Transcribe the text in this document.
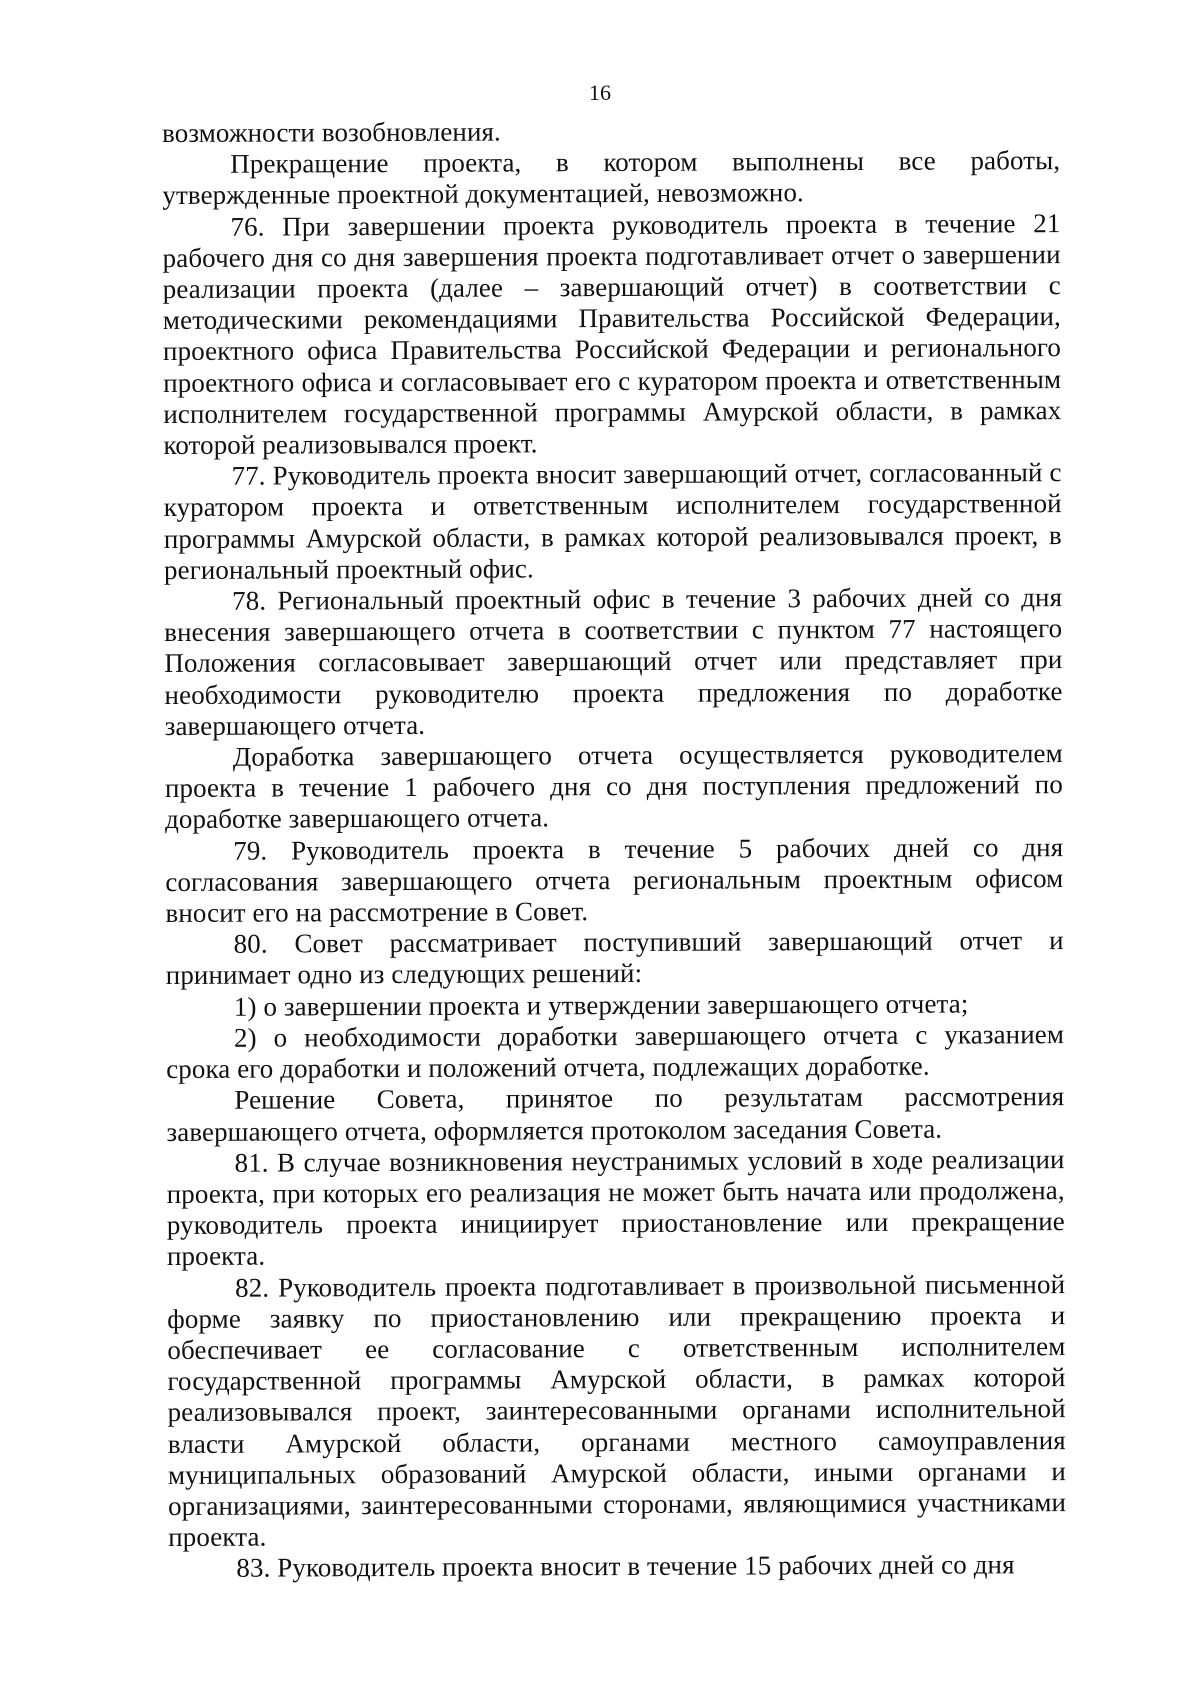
16

возможности возобновления.

Прекращение проекта, в котором выполнены все работы, утвержденные проектной документацией, невозможно.

76. При завершении проекта руководитель проекта в течение 21 рабочего дня со дня завершения проекта подготавливает отчет о завершении реализации проекта (далее – завершающий отчет) в соответствии с методическими рекомендациями Правительства Российской Федерации, проектного офиса Правительства Российской Федерации и регионального проектного офиса и согласовывает его с куратором проекта и ответственным исполнителем государственной программы Амурской области, в рамках которой реализовывался проект.

77. Руководитель проекта вносит завершающий отчет, согласованный с куратором проекта и ответственным исполнителем государственной программы Амурской области, в рамках которой реализовывался проект, в региональный проектный офис.

78. Региональный проектный офис в течение 3 рабочих дней со дня внесения завершающего отчета в соответствии с пунктом 77 настоящего Положения согласовывает завершающий отчет или представляет при необходимости руководителю проекта предложения по доработке завершающего отчета.

Доработка завершающего отчета осуществляется руководителем проекта в течение 1 рабочего дня со дня поступления предложений по доработке завершающего отчета.

79. Руководитель проекта в течение 5 рабочих дней со дня согласования завершающего отчета региональным проектным офисом вносит его на рассмотрение в Совет.

80. Совет рассматривает поступивший завершающий отчет и принимает одно из следующих решений:

1) о завершении проекта и утверждении завершающего отчета;

2) о необходимости доработки завершающего отчета с указанием срока его доработки и положений отчета, подлежащих доработке.

Решение Совета, принятое по результатам рассмотрения завершающего отчета, оформляется протоколом заседания Совета.

81. В случае возникновения неустранимых условий в ходе реализации проекта, при которых его реализация не может быть начата или продолжена, руководитель проекта инициирует приостановление или прекращение проекта.

82. Руководитель проекта подготавливает в произвольной письменной форме заявку по приостановлению или прекращению проекта и обеспечивает ее согласование с ответственным исполнителем государственной программы Амурской области, в рамках которой реализовывался проект, заинтересованными органами исполнительной власти Амурской области, органами местного самоуправления муниципальных образований Амурской области, иными органами и организациями, заинтересованными сторонами, являющимися участниками проекта.

83. Руководитель проекта вносит в течение 15 рабочих дней со дня
